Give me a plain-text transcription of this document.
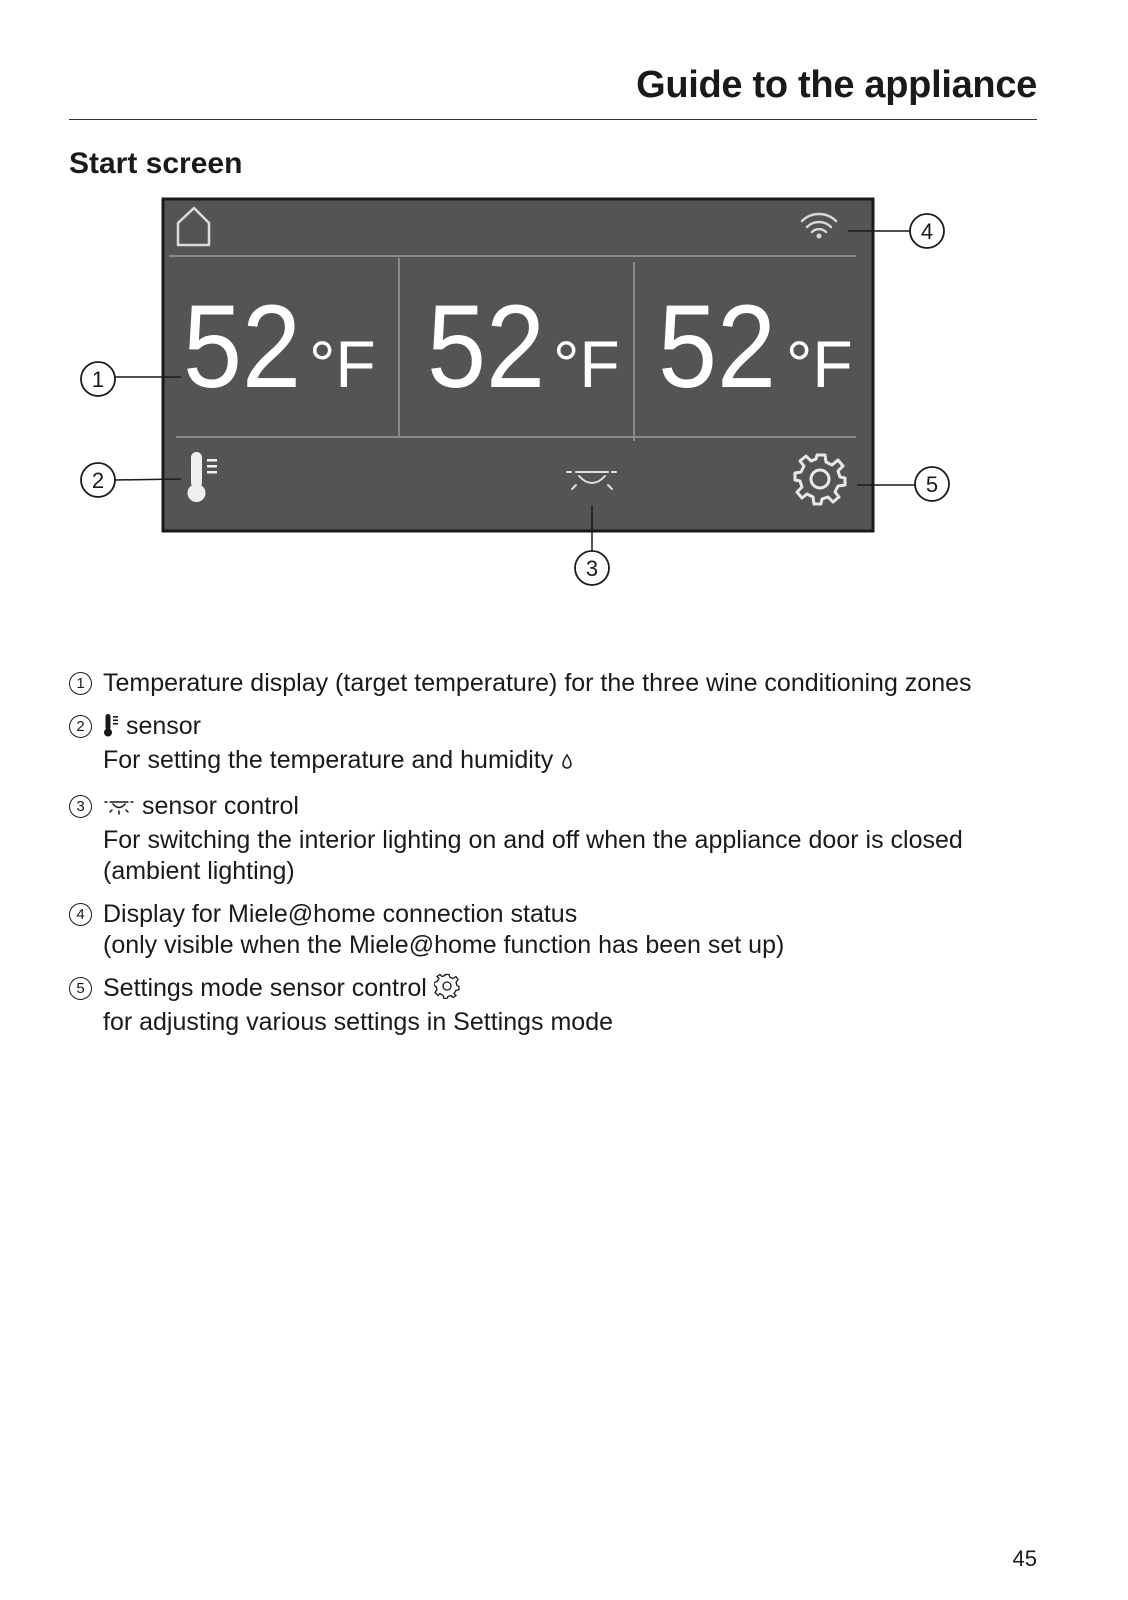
Guide to the appliance
Start screen
52 °F 52 °F 52 °F
1
2
3
4
5
1 Temperature display (target temperature) for the three wine conditioning zones
2	sensor
For setting the temperature and humidity
3	sensor control
For switching the interior lighting on and off when the appliance door is closed (ambient lighting)
4 Display for Miele@home connection status
(only visible when the Miele@home function has been set up)
5 Settings mode sensor control
for adjusting various settings in Settings mode
45
